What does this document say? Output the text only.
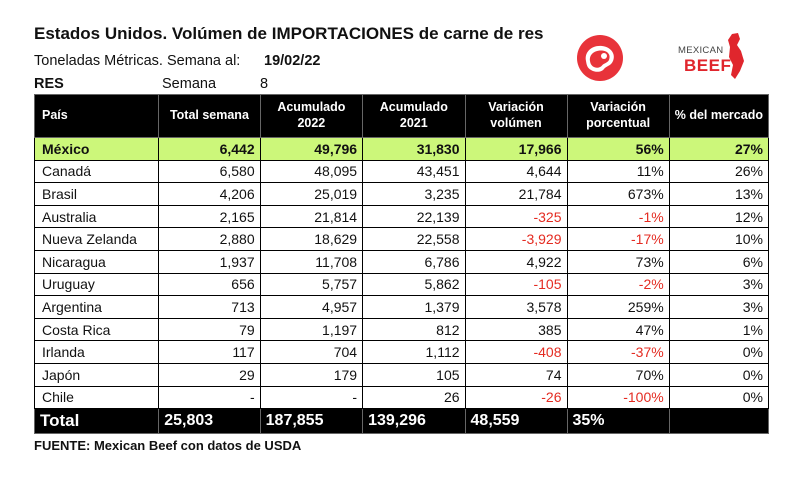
Estados Unidos. Volúmen de IMPORTACIONES de carne de res
Toneladas Métricas. Semana al: 19/02/22
RES	Semana	8
MEXICAN
BEEF
País	Total semana	Acumulado 2022	Acumulado 2021	Variación volúmen	Variación porcentual	% del mercado
México	6,442	49,796	31,830	17,966	56%	27%
Canadá	6,580	48,095	43,451	4,644	11%	26%
Brasil	4,206	25,019	3,235	21,784	673%	13%
Australia	2,165	21,814	22,139	-325	-1%	12%
Nueva Zelanda	2,880	18,629	22,558	-3,929	-17%	10%
Nicaragua	1,937	11,708	6,786	4,922	73%	6%
Uruguay	656	5,757	5,862	-105	-2%	3%
Argentina	713	4,957	1,379	3,578	259%	3%
Costa Rica	79	1,197	812	385	47%	1%
Irlanda	117	704	1,112	-408	-37%	0%
Japón	29	179	105	74	70%	0%
Chile	-	-	26	-26	-100%	0%
Total	25,803	187,855	139,296	48,559	35%	
FUENTE: Mexican Beef con datos de USDA
